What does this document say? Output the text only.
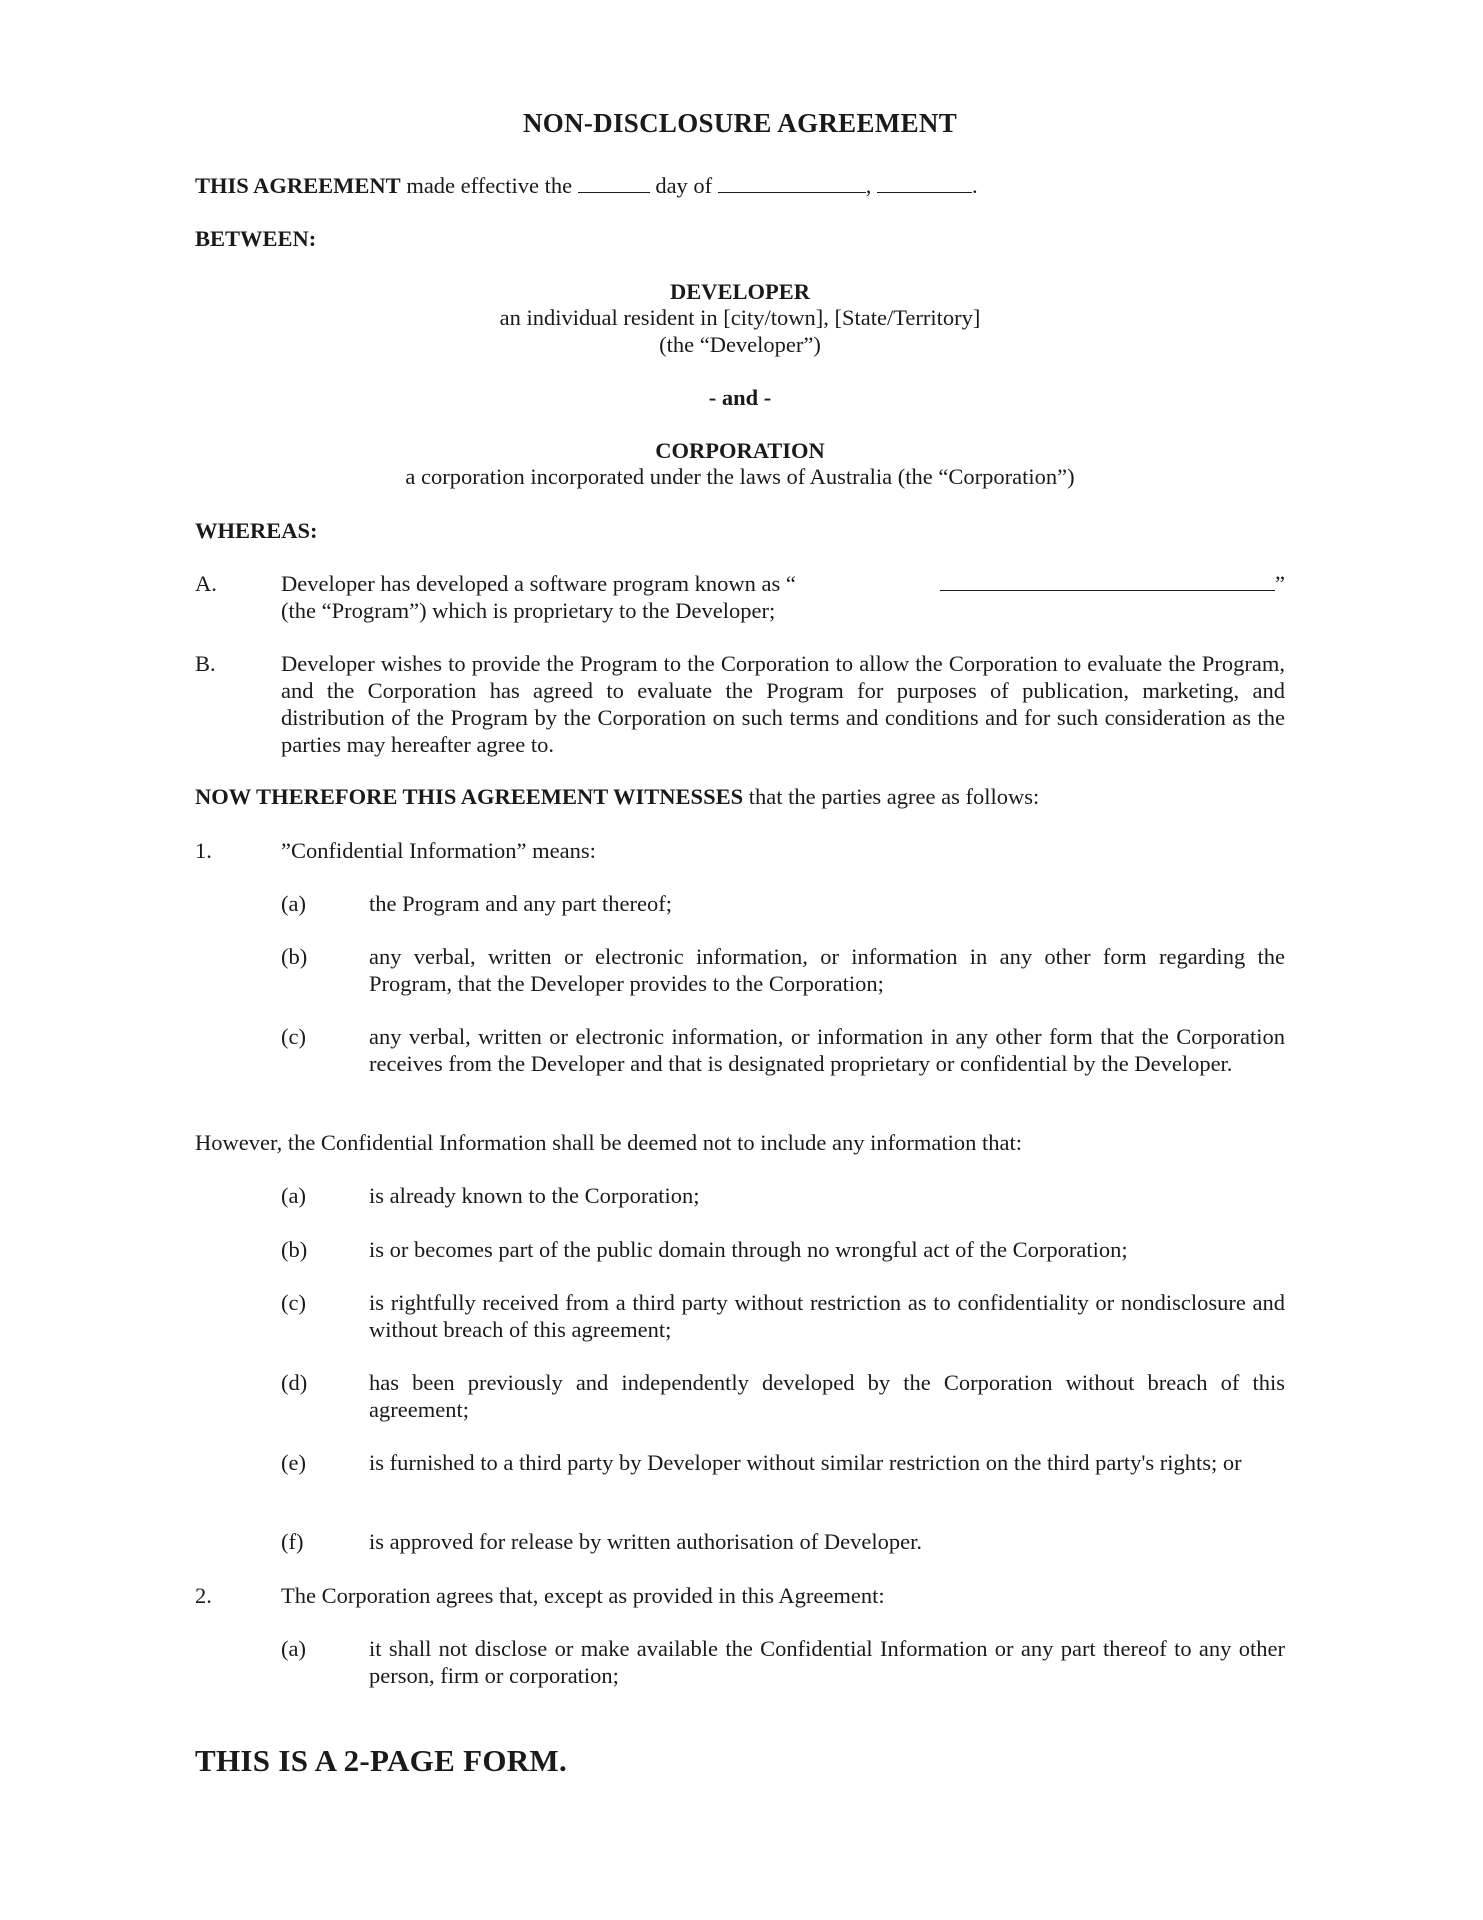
NON-DISCLOSURE AGREEMENT
THIS AGREEMENT made effective the	day of	,	.
BETWEEN:
DEVELOPER
an individual resident in [city/town], [State/Territory]
(the “Developer”)
- and -
CORPORATION
a corporation incorporated under the laws of Australia (the “Corporation”)
WHEREAS:
A.	Developer has developed a software program known as “	”
(the “Program”) which is proprietary to the Developer;
B.	Developer wishes to provide the Program to the Corporation to allow the Corporation to evaluate the Program, and the Corporation has agreed to evaluate the Program for purposes of publication, marketing, and distribution of the Program by the Corporation on such terms and conditions and for such consideration as the parties may hereafter agree to.
NOW THEREFORE THIS AGREEMENT WITNESSES that the parties agree as follows:
1.	”Confidential Information” means:
(a)	the Program and any part thereof;
(b)	any verbal, written or electronic information, or information in any other form regarding the Program, that the Developer provides to the Corporation;
(c)	any verbal, written or electronic information, or information in any other form that the Corporation receives from the Developer and that is designated proprietary or confidential by the Developer.
However, the Confidential Information shall be deemed not to include any information that:
(a)	is already known to the Corporation;
(b)	is or becomes part of the public domain through no wrongful act of the Corporation;
(c)	is rightfully received from a third party without restriction as to confidentiality or nondisclosure and without breach of this agreement;
(d)	has been previously and independently developed by the Corporation without breach of this agreement;
(e)	is furnished to a third party by Developer without similar restriction on the third party's rights; or
(f)	is approved for release by written authorisation of Developer.
2.	The Corporation agrees that, except as provided in this Agreement:
(a)	it shall not disclose or make available the Confidential Information or any part thereof to any other person, firm or corporation;
THIS IS A 2-PAGE FORM.
